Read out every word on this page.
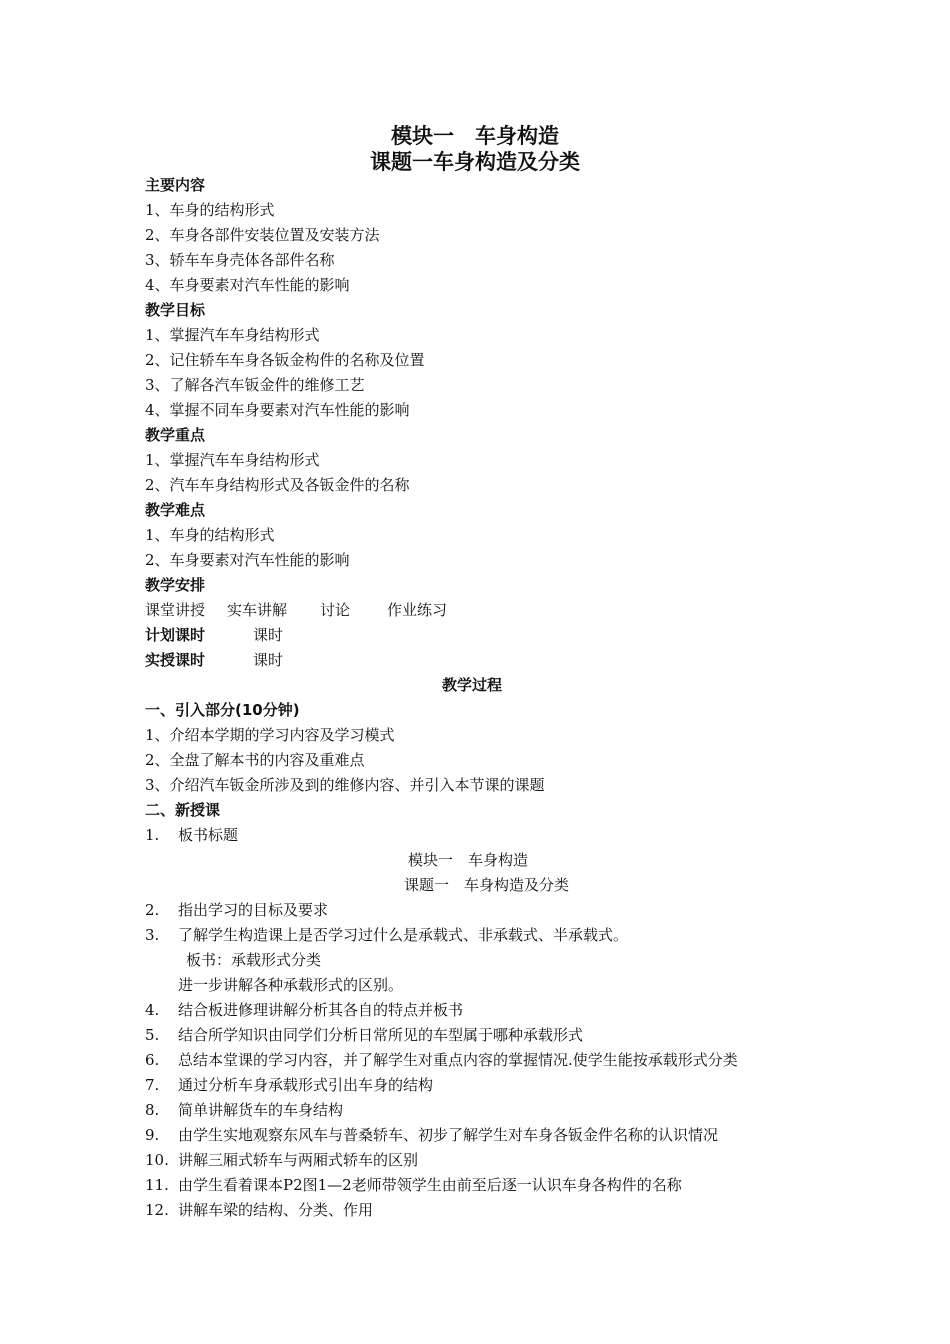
模块一　车身构造
课题一车身构造及分类
主要内容
1、车身的结构形式
2、车身各部件安装位置及安装方法
3、轿车车身壳体各部件名称
4、车身要素对汽车性能的影响
教学目标
1、掌握汽车车身结构形式
2、记住轿车车身各钣金构件的名称及位置
3、了解各汽车钣金件的维修工艺
4、掌握不同车身要素对汽车性能的影响
教学重点
1、掌握汽车车身结构形式
2、汽车车身结构形式及各钣金件的名称
教学难点
1、车身的结构形式
2、车身要素对汽车性能的影响
教学安排
课堂讲授 实车讲解 讨论 作业练习
计划课时	课时
实授课时	课时
教学过程
一、引入部分(10分钟)
1、介绍本学期的学习内容及学习模式
2、全盘了解本书的内容及重难点
3、介绍汽车钣金所涉及到的维修内容、并引入本节课的课题
二、新授课
1. 板书标题
模块一　车身构造
课题一　车身构造及分类
2. 指出学习的目标及要求
3. 了解学生构造课上是否学习过什么是承载式、非承载式、半承载式。
板书：承载形式分类
进一步讲解各种承载形式的区别。
4. 结合板进修理讲解分析其各自的特点并板书
5. 结合所学知识由同学们分析日常所见的车型属于哪种承载形式
6. 总结本堂课的学习内容，并了解学生对重点内容的掌握情况.使学生能按承载形式分类
7. 通过分析车身承载形式引出车身的结构
8. 简单讲解货车的车身结构
9. 由学生实地观察东风车与普桑轿车、初步了解学生对车身各钣金件名称的认识情况
10. 讲解三厢式轿车与两厢式轿车的区别
11. 由学生看着课本P2图1—2老师带领学生由前至后逐一认识车身各构件的名称
12. 讲解车梁的结构、分类、作用
